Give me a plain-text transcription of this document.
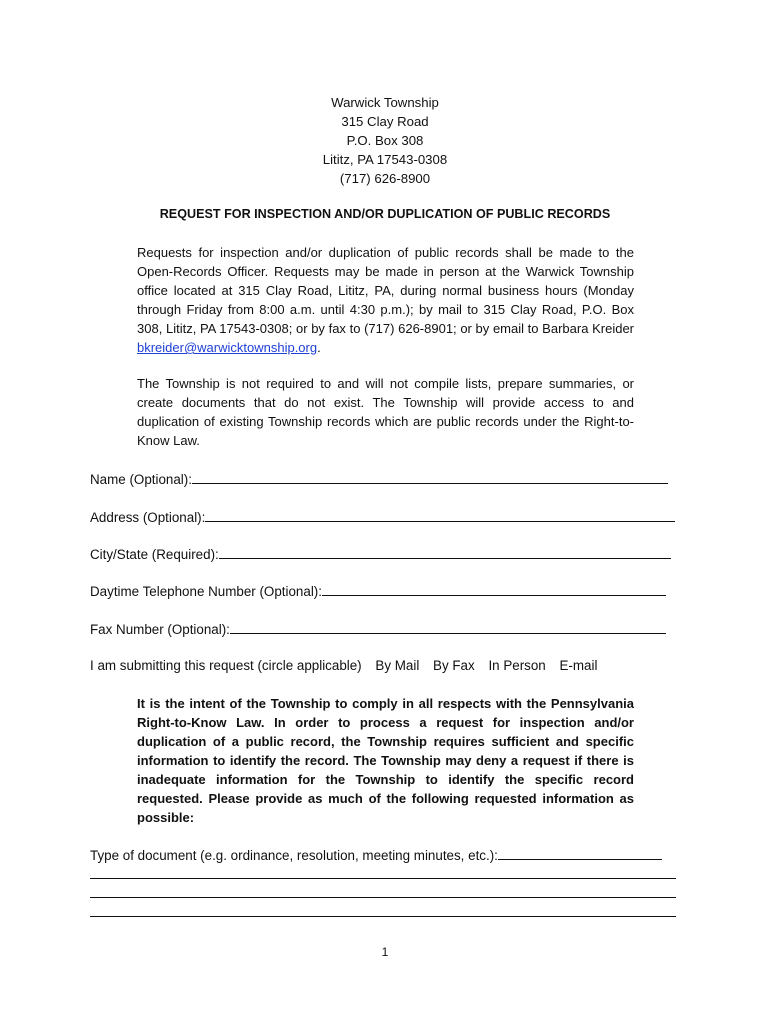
Warwick Township
315 Clay Road
P.O. Box 308
Lititz, PA 17543-0308
(717) 626-8900
REQUEST FOR INSPECTION AND/OR DUPLICATION OF PUBLIC RECORDS
Requests for inspection and/or duplication of public records shall be made to the Open-Records Officer. Requests may be made in person at the Warwick Township office located at 315 Clay Road, Lititz, PA, during normal business hours (Monday through Friday from 8:00 a.m. until 4:30 p.m.); by mail to 315 Clay Road, P.O. Box 308, Lititz, PA 17543-0308; or by fax to (717) 626-8901; or by email to Barbara Kreider bkreider@warwicktownship.org.
The Township is not required to and will not compile lists, prepare summaries, or create documents that do not exist. The Township will provide access to and duplication of existing Township records which are public records under the Right-to-Know Law.
Name (Optional):
Address (Optional):
City/State (Required):
Daytime Telephone Number (Optional):
Fax Number (Optional):
I am submitting this request (circle applicable) By Mail By Fax In Person E-mail
It is the intent of the Township to comply in all respects with the Pennsylvania Right-to-Know Law. In order to process a request for inspection and/or duplication of a public record, the Township requires sufficient and specific information to identify the record. The Township may deny a request if there is inadequate information for the Township to identify the specific record requested. Please provide as much of the following requested information as possible:
Type of document (e.g. ordinance, resolution, meeting minutes, etc.):
1
